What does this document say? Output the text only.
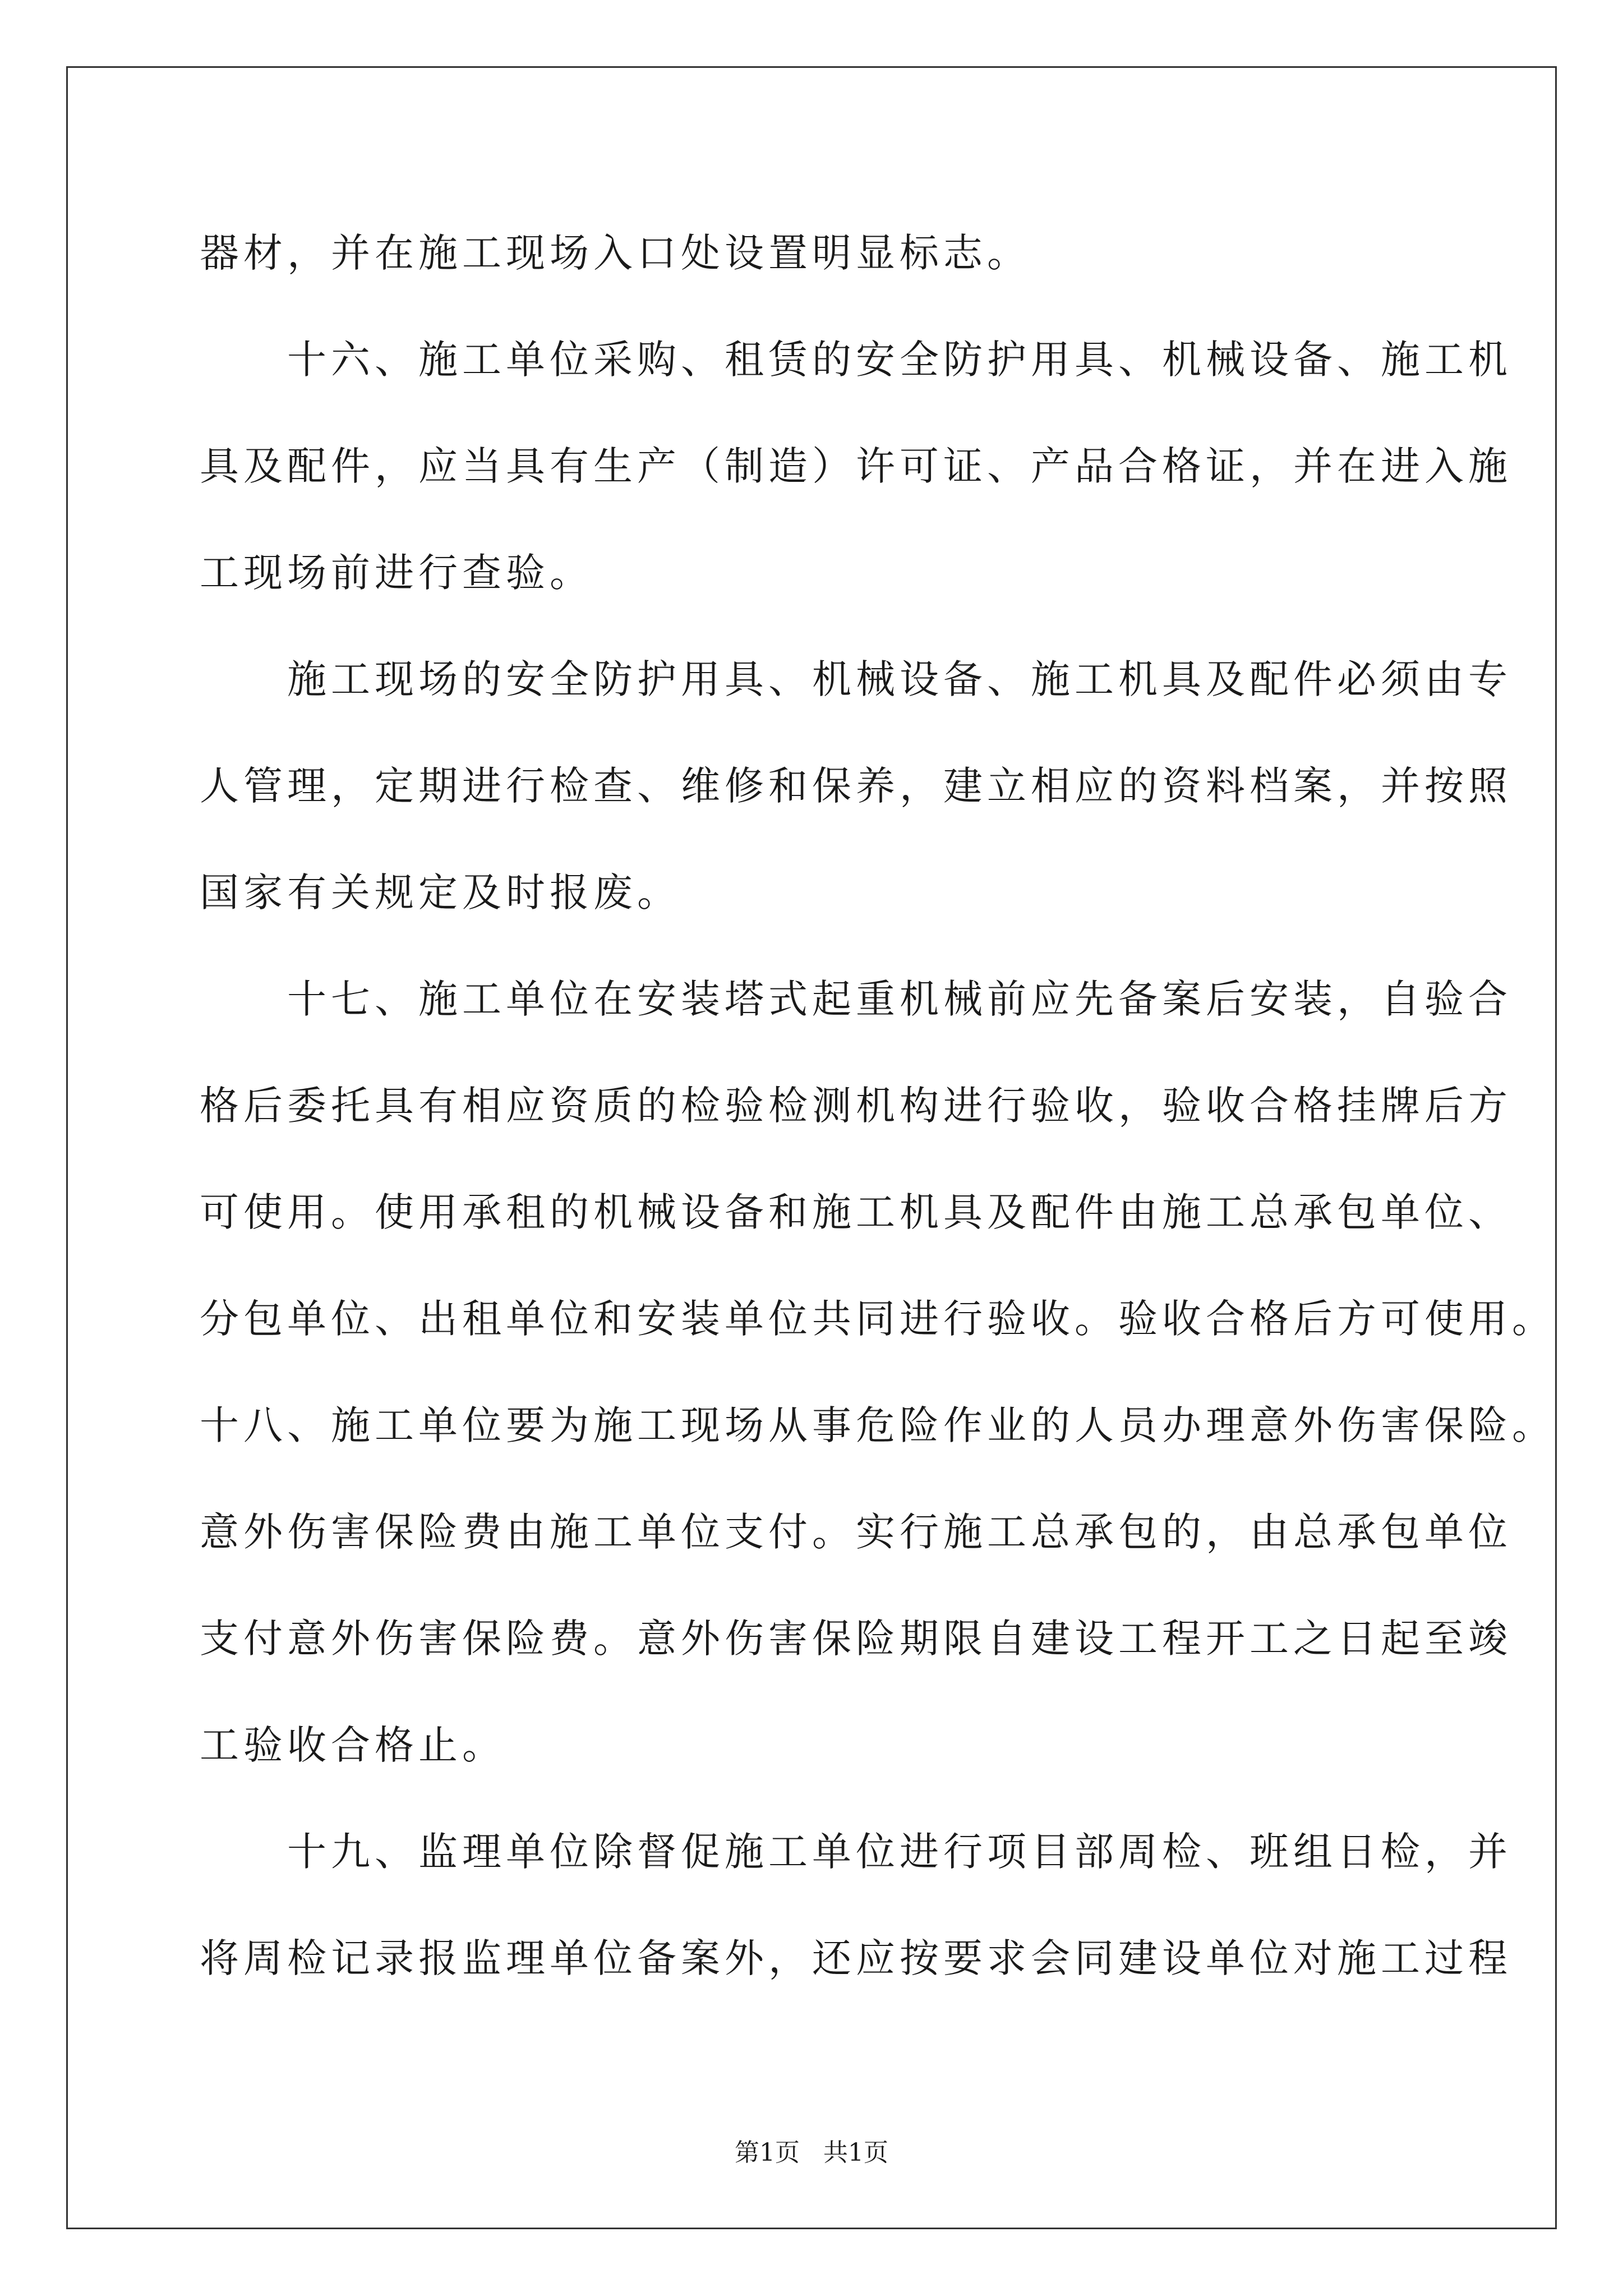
器材，并在施工现场入口处设置明显标志。
　　十六、施工单位采购、租赁的安全防护用具、机械设备、施工机
具及配件，应当具有生产（制造）许可证、产品合格证，并在进入施
工现场前进行查验。
　　施工现场的安全防护用具、机械设备、施工机具及配件必须由专
人管理，定期进行检查、维修和保养，建立相应的资料档案，并按照
国家有关规定及时报废。
　　十七、施工单位在安装塔式起重机械前应先备案后安装，自验合
格后委托具有相应资质的检验检测机构进行验收，验收合格挂牌后方
可使用。使用承租的机械设备和施工机具及配件由施工总承包单位、
分包单位、出租单位和安装单位共同进行验收。验收合格后方可使用。
十八、施工单位要为施工现场从事危险作业的人员办理意外伤害保险。
意外伤害保险费由施工单位支付。实行施工总承包的，由总承包单位
支付意外伤害保险费。意外伤害保险期限自建设工程开工之日起至竣
工验收合格止。
　　十九、监理单位除督促施工单位进行项目部周检、班组日检，并
将周检记录报监理单位备案外，还应按要求会同建设单位对施工过程
第1页   共1页
